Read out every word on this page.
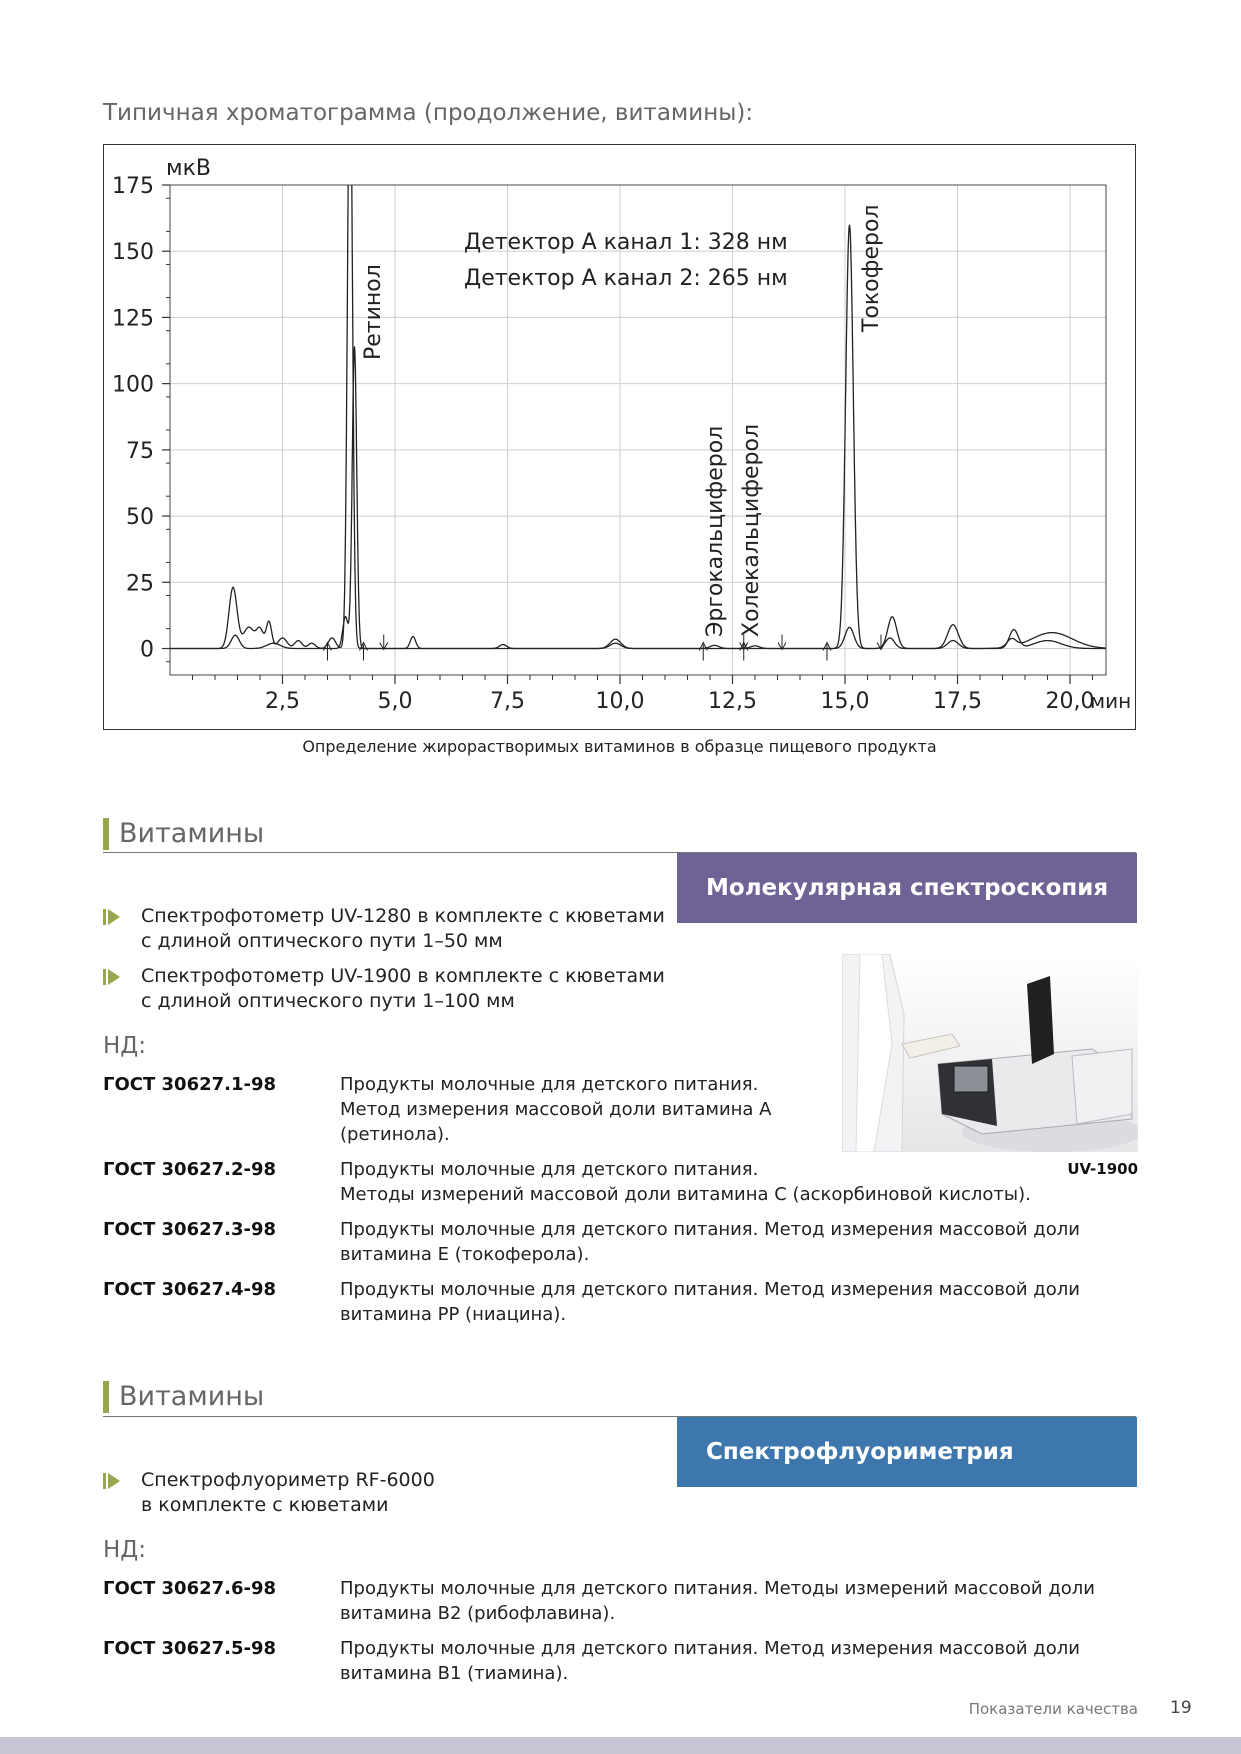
Типичная хроматограмма (продолжение, витамины):
175
150
125
100
75
50
25
0
2,5	5,0	7,5	10,0	12,5	15,0	17,5	20,0
мин
мкВ
Детектор A канал 1: 328 нм
Детектор A канал 2: 265 нм
Ретинол	Токоферол
Эргокальциферол Холекальциферол
Определение жирорастворимых витаминов в образце пищевого продукта
Витамины
Молекулярная спектроскопия
Спектрофотометр UV-1280 в комплекте с кюветами
с длиной оптического пути 1–50 мм
Спектрофотометр UV-1900 в комплекте с кюветами
с длиной оптического пути 1–100 мм
НД:
ГОСТ 30627.1-98	Продукты молочные для детского питания.
Метод измерения массовой доли витамина А
(ретинола).
ГОСТ 30627.2-98	Продукты молочные для детского питания.
Методы измерений массовой доли витамина С (аскорбиновой кислоты).
ГОСТ 30627.3-98	Продукты молочные для детского питания. Метод измерения массовой доли
витамина Е (токоферола).
ГОСТ 30627.4-98	Продукты молочные для детского питания. Метод измерения массовой доли
витамина РР (ниацина).
UV-1900
Витамины
Спектрофлуориметрия
Спектрофлуориметр RF-6000
в комплекте с кюветами
НД:
ГОСТ 30627.6-98	Продукты молочные для детского питания. Методы измерений массовой доли
витамина В2 (рибофлавина).
ГОСТ 30627.5-98	Продукты молочные для детского питания. Метод измерения массовой доли
витамина В1 (тиамина).
Показатели качества 19
